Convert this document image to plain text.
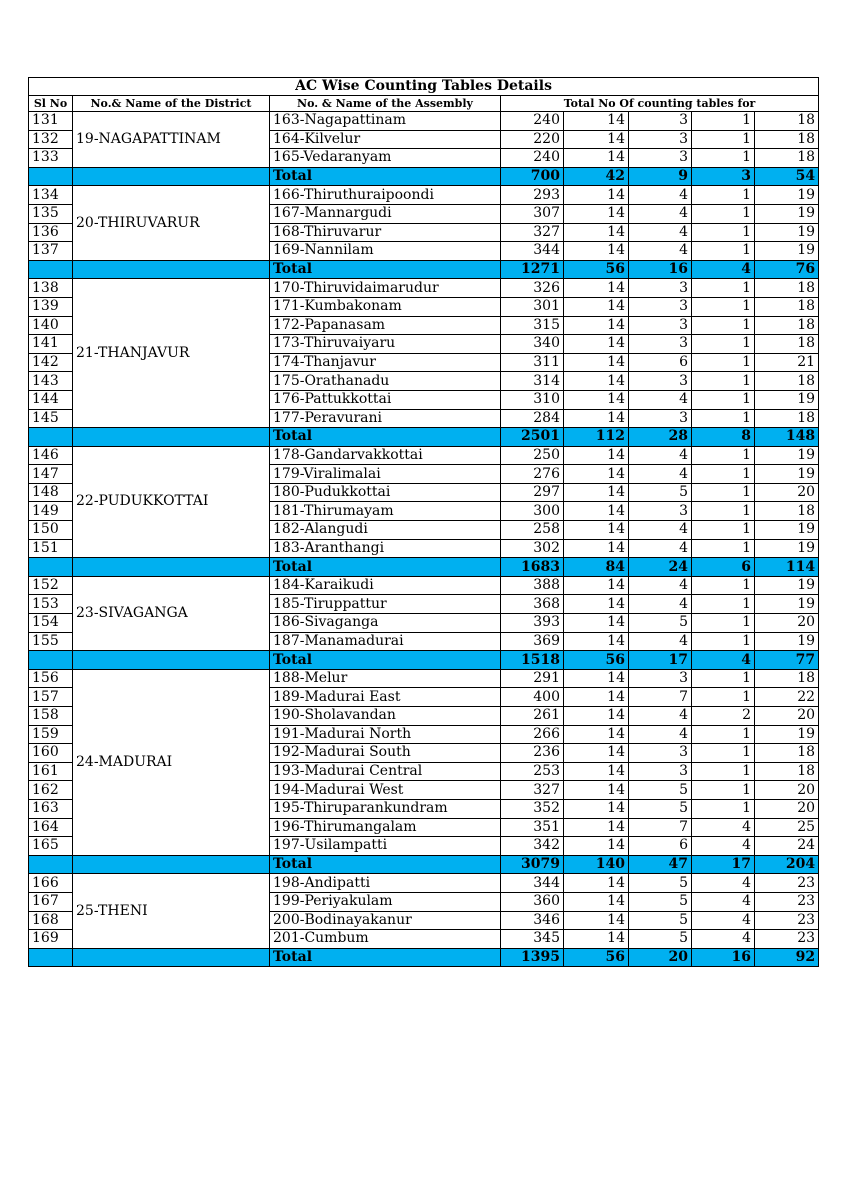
AC Wise Counting Tables Details							
Sl No	No.& Name of the District	No. & Name of the Assembly	Total No Of counting tables for				
131	19-NAGAPATTINAM	163-Nagapattinam	240	14	3	1	18
132		164-Kilvelur	220	14	3	1	18
133		165-Vedaranyam	240	14	3	1	18
		Total	700	42	9	3	54
134	20-THIRUVARUR	166-Thiruthuraipoondi	293	14	4	1	19
135		167-Mannargudi	307	14	4	1	19
136		168-Thiruvarur	327	14	4	1	19
137		169-Nannilam	344	14	4	1	19
		Total	1271	56	16	4	76
138	21-THANJAVUR	170-Thiruvidaimarudur	326	14	3	1	18
139		171-Kumbakonam	301	14	3	1	18
140		172-Papanasam	315	14	3	1	18
141		173-Thiruvaiyaru	340	14	3	1	18
142		174-Thanjavur	311	14	6	1	21
143		175-Orathanadu	314	14	3	1	18
144		176-Pattukkottai	310	14	4	1	19
145		177-Peravurani	284	14	3	1	18
		Total	2501	112	28	8	148
146	22-PUDUKKOTTAI	178-Gandarvakkottai	250	14	4	1	19
147		179-Viralimalai	276	14	4	1	19
148		180-Pudukkottai	297	14	5	1	20
149		181-Thirumayam	300	14	3	1	18
150		182-Alangudi	258	14	4	1	19
151		183-Aranthangi	302	14	4	1	19
		Total	1683	84	24	6	114
152	23-SIVAGANGA	184-Karaikudi	388	14	4	1	19
153		185-Tiruppattur	368	14	4	1	19
154		186-Sivaganga	393	14	5	1	20
155		187-Manamadurai	369	14	4	1	19
		Total	1518	56	17	4	77
156	24-MADURAI	188-Melur	291	14	3	1	18
157		189-Madurai East	400	14	7	1	22
158		190-Sholavandan	261	14	4	2	20
159		191-Madurai North	266	14	4	1	19
160		192-Madurai South	236	14	3	1	18
161		193-Madurai Central	253	14	3	1	18
162		194-Madurai West	327	14	5	1	20
163		195-Thiruparankundram	352	14	5	1	20
164		196-Thirumangalam	351	14	7	4	25
165		197-Usilampatti	342	14	6	4	24
		Total	3079	140	47	17	204
166	25-THENI	198-Andipatti	344	14	5	4	23
167		199-Periyakulam	360	14	5	4	23
168		200-Bodinayakanur	346	14	5	4	23
169		201-Cumbum	345	14	5	4	23
		Total	1395	56	20	16	92
